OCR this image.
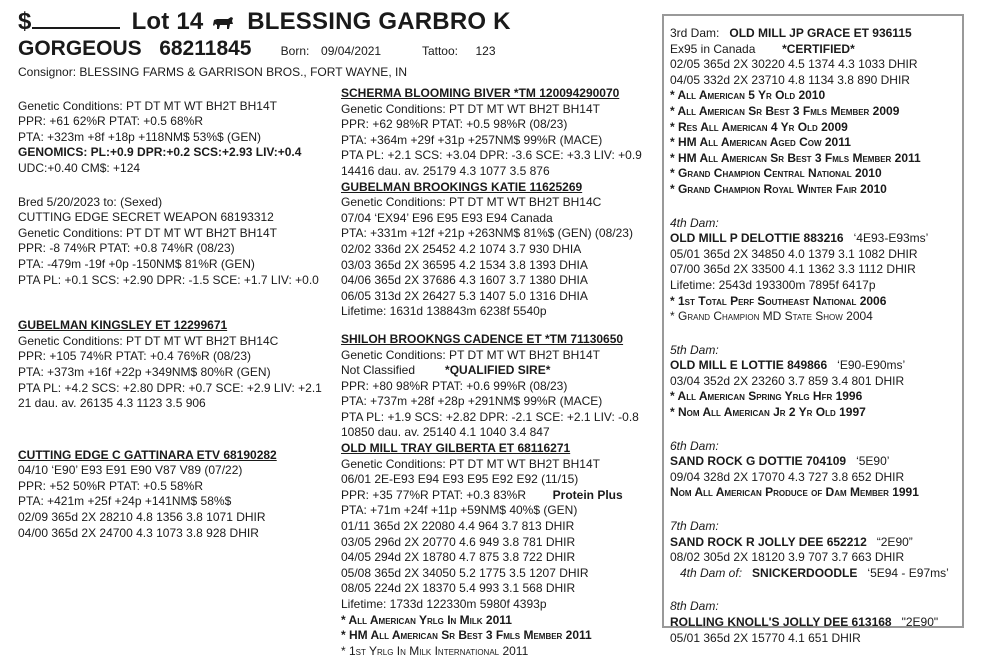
$	Lot 14 BLESSING GARBRO K
GORGEOUS 68211845 Born: 09/04/2021	Tattoo: 123
Consignor: BLESSING FARMS & GARRISON BROS., FORT WAYNE, IN
Genetic Conditions: PT DT MT WT BH2T BH14T
PPR: +61 62%R PTAT: +0.5 68%R
PTA: +323m +8f +18p +118NM$ 53%$ (GEN)
GENOMICS: PL:+0.9 DPR:+0.2 SCS:+2.93 LIV:+0.4
UDC:+0.40 CM$: +124
Bred 5/20/2023 to: (Sexed)
CUTTING EDGE SECRET WEAPON 68193312
Genetic Conditions: PT DT MT WT BH2T BH14T
PPR: -8 74%R PTAT: +0.8 74%R (08/23)
PTA: -479m -19f +0p -150NM$ 81%R (GEN)
PTA PL: +0.1 SCS: +2.90 DPR: -1.5 SCE: +1.7 LIV: +0.0
GUBELMAN KINGSLEY ET 12299671
Genetic Conditions: PT DT MT WT BH2T BH14C
PPR: +105 74%R PTAT: +0.4 76%R (08/23)
PTA: +373m +16f +22p +349NM$ 80%R (GEN)
PTA PL: +4.2 SCS: +2.80 DPR: +0.7 SCE: +2.9 LIV: +2.1
21 dau. av. 26135 4.3 1123 3.5 906
CUTTING EDGE C GATTINARA ETV 68190282
04/10 ‘E90’ E93 E91 E90 V87 V89 (07/22)
PPR: +52 50%R PTAT: +0.5 58%R
PTA: +421m +25f +24p +141NM$ 58%$
02/09 365d 2X 28210 4.8 1356 3.8 1071 DHIR
04/00 365d 2X 24700 4.3 1073 3.8 928 DHIR
SCHERMA BLOOMING BIVER *TM 120094290070
Genetic Conditions: PT DT MT WT BH2T BH14T
PPR: +62 98%R PTAT: +0.5 98%R (08/23)
PTA: +364m +29f +31p +257NM$ 99%R (MACE)
PTA PL: +2.1 SCS: +3.04 DPR: -3.6 SCE: +3.3 LIV: +0.9
14416 dau. av. 25179 4.3 1077 3.5 876
GUBELMAN BROOKINGS KATIE 11625269
Genetic Conditions: PT DT MT WT BH2T BH14C
07/04 ‘EX94’ E96 E95 E93 E94 Canada
PTA: +331m +12f +21p +263NM$ 81%$ (GEN) (08/23)
02/02 336d 2X 25452 4.2 1074 3.7 930 DHIA
03/03 365d 2X 36595 4.2 1534 3.8 1393 DHIA
04/06 365d 2X 37686 4.3 1607 3.7 1380 DHIA
06/05 313d 2X 26427 5.3 1407 5.0 1316 DHIA
Lifetime: 1631d 138843m 6238f 5540p
SHILOH BROOKNGS CADENCE ET *TM 71130650
Genetic Conditions: PT DT MT WT BH2T BH14T
Not Classified	*QUALIFIED SIRE*
PPR: +80 98%R PTAT: +0.6 99%R (08/23)
PTA: +737m +28f +28p +291NM$ 99%R (MACE)
PTA PL: +1.9 SCS: +2.82 DPR: -2.1 SCE: +2.1 LIV: -0.8
10850 dau. av. 25140 4.1 1040 3.4 847
OLD MILL TRAY GILBERTA ET 68116271
Genetic Conditions: PT DT MT WT BH2T BH14T
06/01 2E-E93 E94 E93 E95 E92 E92 (11/15)
PPR: +35 77%R PTAT: +0.3 83%R Protein Plus
PTA: +71m +24f +11p +59NM$ 40%$ (GEN)
01/11 365d 2X 22080 4.4 964 3.7 813 DHIR
03/05 296d 2X 20770 4.6 949 3.8 781 DHIR
04/05 294d 2X 18780 4.7 875 3.8 722 DHIR
05/08 365d 2X 34050 5.2 1775 3.5 1207 DHIR
08/05 224d 2X 18370 5.4 993 3.1 568 DHIR
Lifetime: 1733d 122330m 5980f 4393p
* All American Yrlg In Milk 2011
* HM All American Sr Best 3 Fmls Member 2011
* 1st Yrlg In Milk International 2011
3rd Dam: OLD MILL JP GRACE ET 936115
Ex95 in Canada *CERTIFIED*
02/05 365d 2X 30220 4.5 1374 4.3 1033 DHIR
04/05 332d 2X 23710 4.8 1134 3.8 890 DHIR
* All American 5 Yr Old 2010
* All American Sr Best 3 Fmls Member 2009
* Res All American 4 Yr Old 2009
* HM All American Aged Cow 2011
* HM All American Sr Best 3 Fmls Member 2011
* Grand Champion Central National 2010
* Grand Champion Royal Winter Fair 2010
4th Dam:
OLD MILL P DELOTTIE 883216 ‘4E93-E93ms’
05/01 365d 2X 34850 4.0 1379 3.1 1082 DHIR
07/00 365d 2X 33500 4.1 1362 3.3 1112 DHIR
Lifetime: 2543d 193300m 7895f 6417p
* 1st Total Perf Southeast National 2006
* Grand Champion MD State Show 2004
5th Dam:
OLD MILL E LOTTIE 849866 ‘E90-E90ms’
03/04 352d 2X 23260 3.7 859 3.4 801 DHIR
* All American Spring Yrlg Hfr 1996
* Nom All American Jr 2 Yr Old 1997
6th Dam:
SAND ROCK G DOTTIE 704109 ‘5E90’
09/04 328d 2X 17070 4.3 727 3.8 652 DHIR
Nom All American Produce of Dam Member 1991
7th Dam:
SAND ROCK R JOLLY DEE 652212 “2E90”
08/02 305d 2X 18120 3.9 707 3.7 663 DHIR
4th Dam of: SNICKERDOODLE ‘5E94 - E97ms’
8th Dam:
ROLLING KNOLL'S JOLLY DEE 613168 "2E90"
05/01 365d 2X 15770 4.1 651 DHIR
